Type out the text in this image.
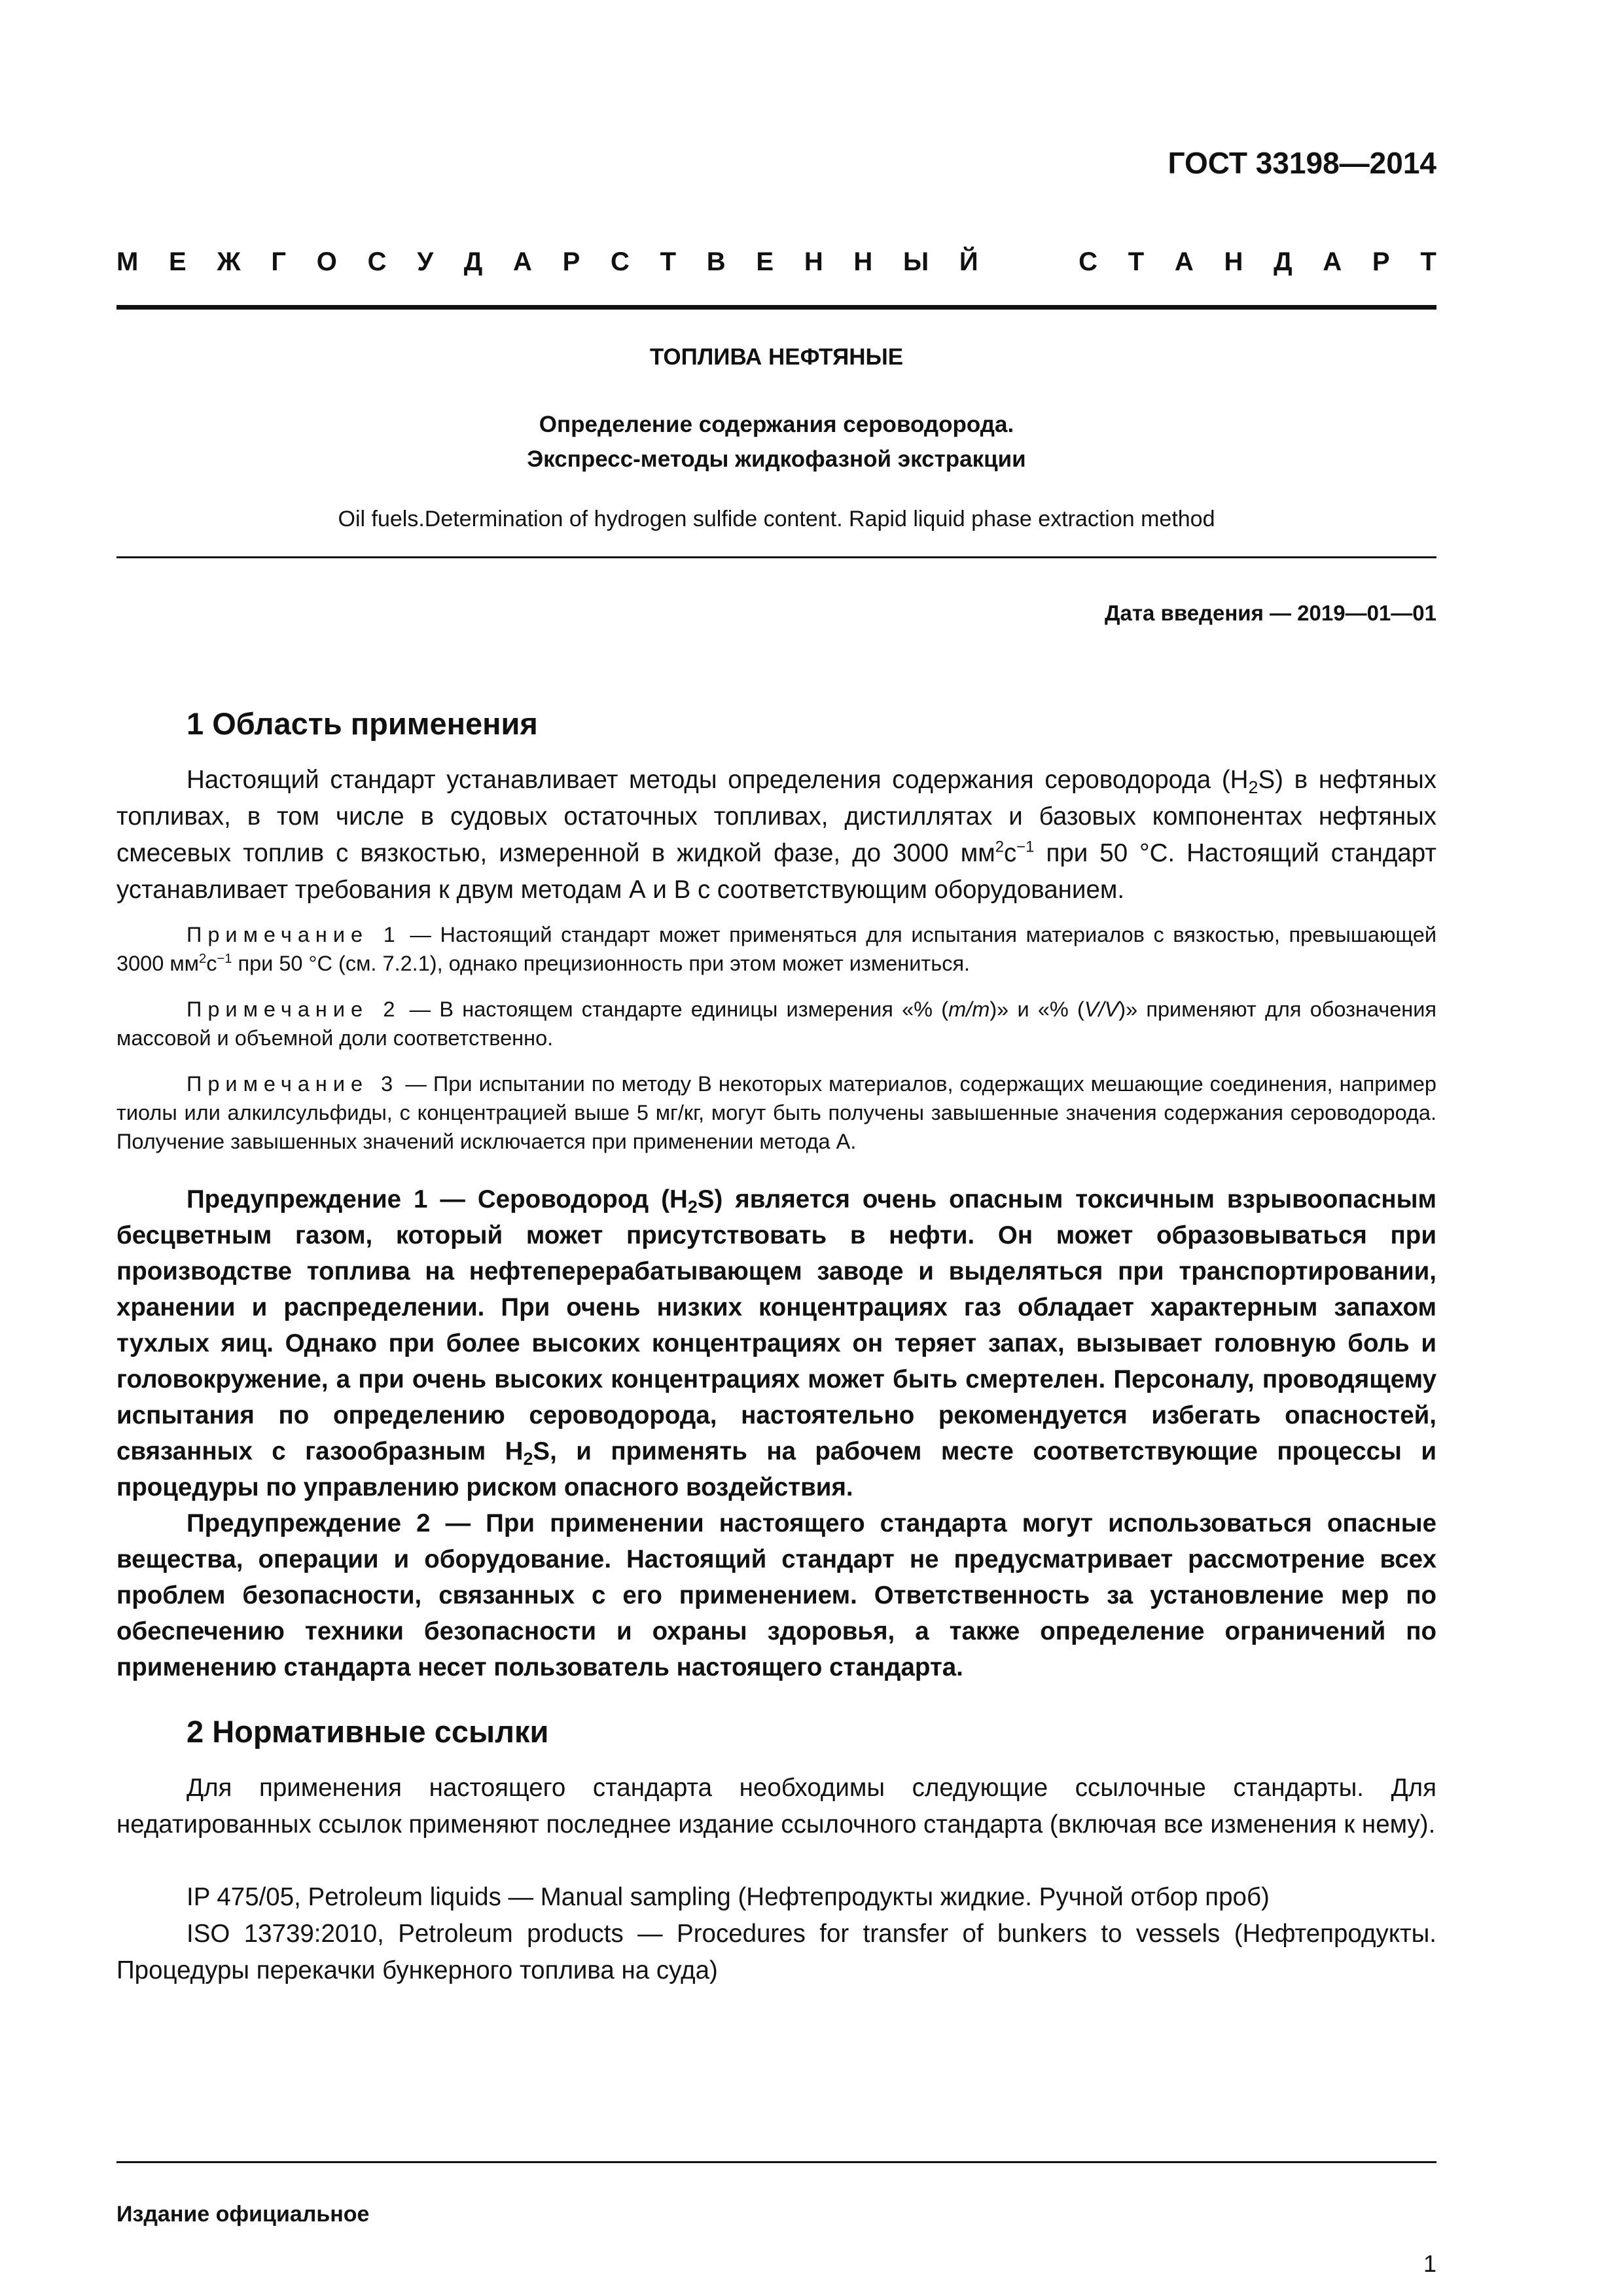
ГОСТ 33198—2014
М Е Ж Г О С У Д А Р С Т В Е Н Н Ы Й	С Т А Н Д А Р Т
ТОПЛИВА НЕФТЯНЫЕ
Определение содержания сероводорода.
Экспресс-методы жидкофазной экстракции
Oil fuels.Determination of hydrogen sulfide content. Rapid liquid phase extraction method
Дата введения — 2019—01—01
1 Область применения
Настоящий стандарт устанавливает методы определения содержания сероводорода $(H_2S)$ в нефтяных топливах, в том числе в судовых остаточных топливах, дистиллятах и базовых компонентах нефтяных смесевых топлив с вязкостью, измеренной в жидкой фазе, до 3000 $мм^2с^{-1}$ при 50 °С. Настоящий стандарт устанавливает требования к двум методам А и В с соответствующим оборудованием.
Примечание 1 — Настоящий стандарт может применяться для испытания материалов с вязкостью, превышающей 3000 $мм^2с^{-1}$ при 50 °С (см. 7.2.1), однако прецизионность при этом может измениться.
Примечание 2 — В настоящем стандарте единицы измерения «% (m/m)» и «% (V/V)» применяют для обозначения массовой и объемной доли соответственно.
Примечание 3 — При испытании по методу В некоторых материалов, содержащих мешающие соединения, например тиолы или алкилсульфиды, с концентрацией выше 5 мг/кг, могут быть получены завышенные значения содержания сероводорода. Получение завышенных значений исключается при применении метода А.
Предупреждение 1 — Сероводород $(H_2S)$ является очень опасным токсичным взрывоопасным бесцветным газом, который может присутствовать в нефти. Он может образовываться при производстве топлива на нефтеперерабатывающем заводе и выделяться при транспортировании, хранении и распределении. При очень низких концентрациях газ обладает характерным запахом тухлых яиц. Однако при более высоких концентрациях он теряет запах, вызывает головную боль и головокружение, а при очень высоких концентрациях может быть смертелен. Персоналу, проводящему испытания по определению сероводорода, настоятельно рекомендуется избегать опасностей, связанных с газообразным $H_2S$, и применять на рабочем месте соответствующие процессы и процедуры по управлению риском опасного воздействия.
Предупреждение 2 — При применении настоящего стандарта могут использоваться опасные вещества, операции и оборудование. Настоящий стандарт не предусматривает рассмотрение всех проблем безопасности, связанных с его применением. Ответственность за установление мер по обеспечению техники безопасности и охраны здоровья, а также определение ограничений по применению стандарта несет пользователь настоящего стандарта.
2 Нормативные ссылки
Для применения настоящего стандарта необходимы следующие ссылочные стандарты. Для недатированных ссылок применяют последнее издание ссылочного стандарта (включая все изменения к нему).
IP 475/05, Petroleum liquids — Manual sampling (Нефтепродукты жидкие. Ручной отбор проб)
ISO 13739:2010, Petroleum products — Procedures for transfer of bunkers to vessels (Нефтепродукты. Процедуры перекачки бункерного топлива на суда)
Издание официальное
1
